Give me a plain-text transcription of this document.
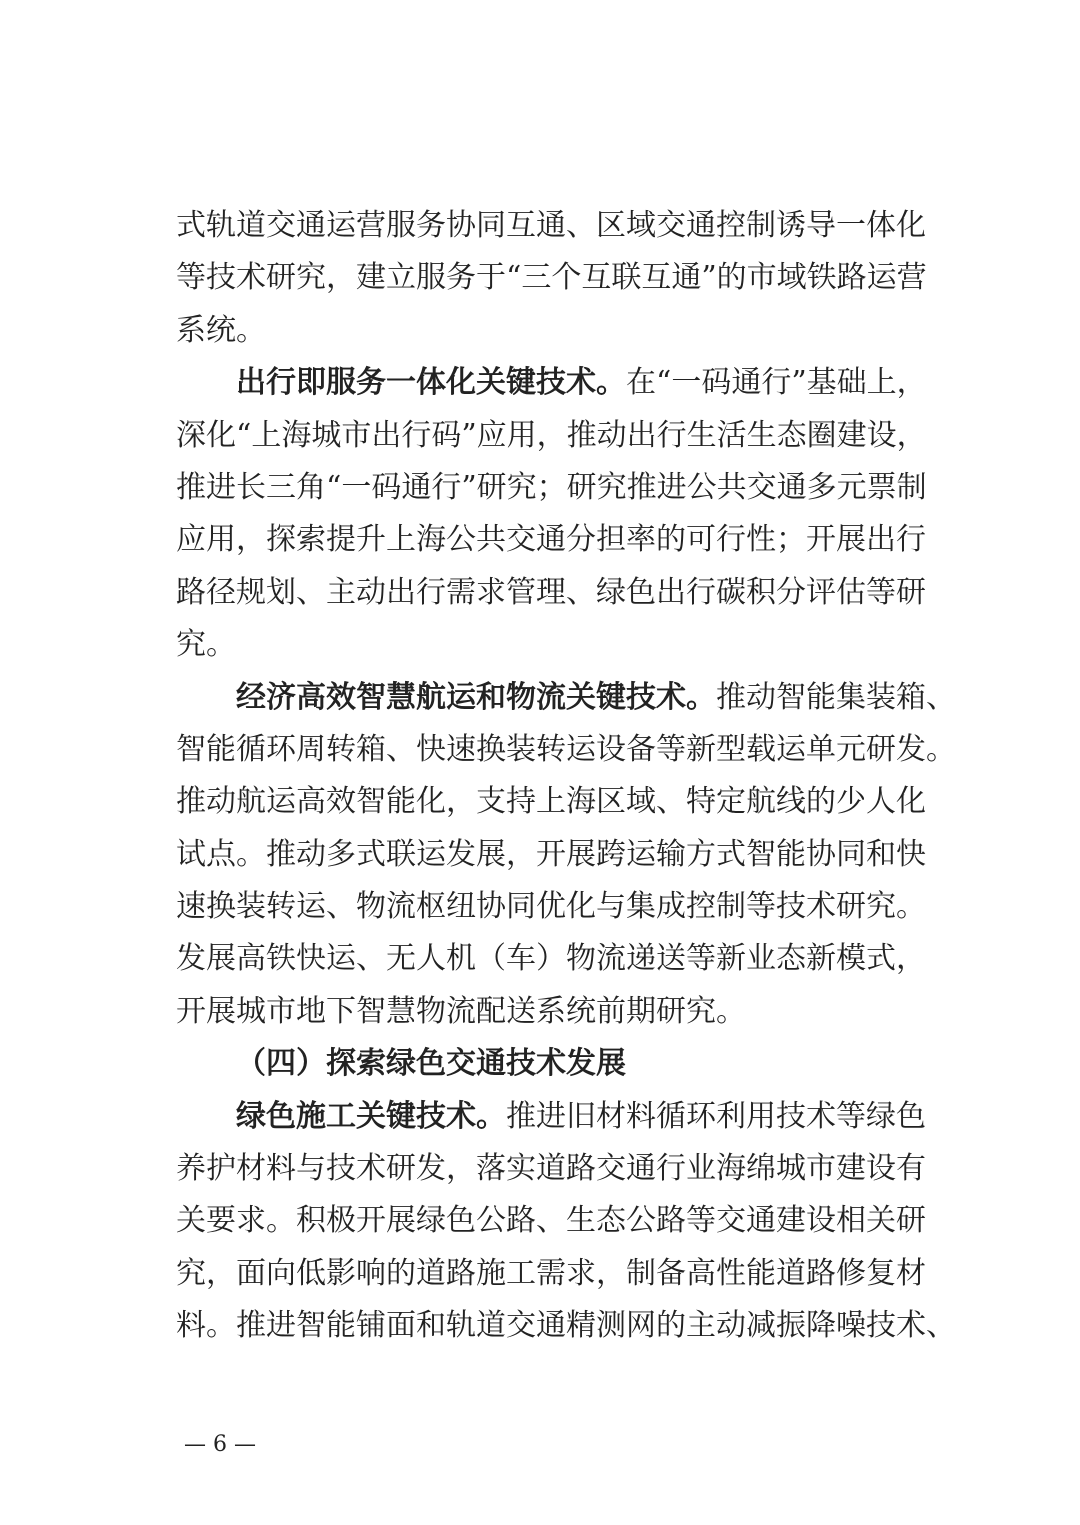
式轨道交通运营服务协同互通、区域交通控制诱导一体化
等技术研究，建立服务于“三个互联互通”的市域铁路运营
系统。
出行即服务一体化关键技术。在“一码通行”基础上，
深化“上海城市出行码”应用，推动出行生活生态圈建设，
推进长三角“一码通行”研究；研究推进公共交通多元票制
应用，探索提升上海公共交通分担率的可行性；开展出行
路径规划、主动出行需求管理、绿色出行碳积分评估等研
究。
经济高效智慧航运和物流关键技术。推动智能集装箱、
智能循环周转箱、快速换装转运设备等新型载运单元研发。
推动航运高效智能化，支持上海区域、特定航线的少人化
试点。推动多式联运发展，开展跨运输方式智能协同和快
速换装转运、物流枢纽协同优化与集成控制等技术研究。
发展高铁快运、无人机（车）物流递送等新业态新模式，
开展城市地下智慧物流配送系统前期研究。
（四）探索绿色交通技术发展
绿色施工关键技术。推进旧材料循环利用技术等绿色
养护材料与技术研发，落实道路交通行业海绵城市建设有
关要求。积极开展绿色公路、生态公路等交通建设相关研
究，面向低影响的道路施工需求，制备高性能道路修复材
料。推进智能铺面和轨道交通精测网的主动减振降噪技术、
— 6 —
